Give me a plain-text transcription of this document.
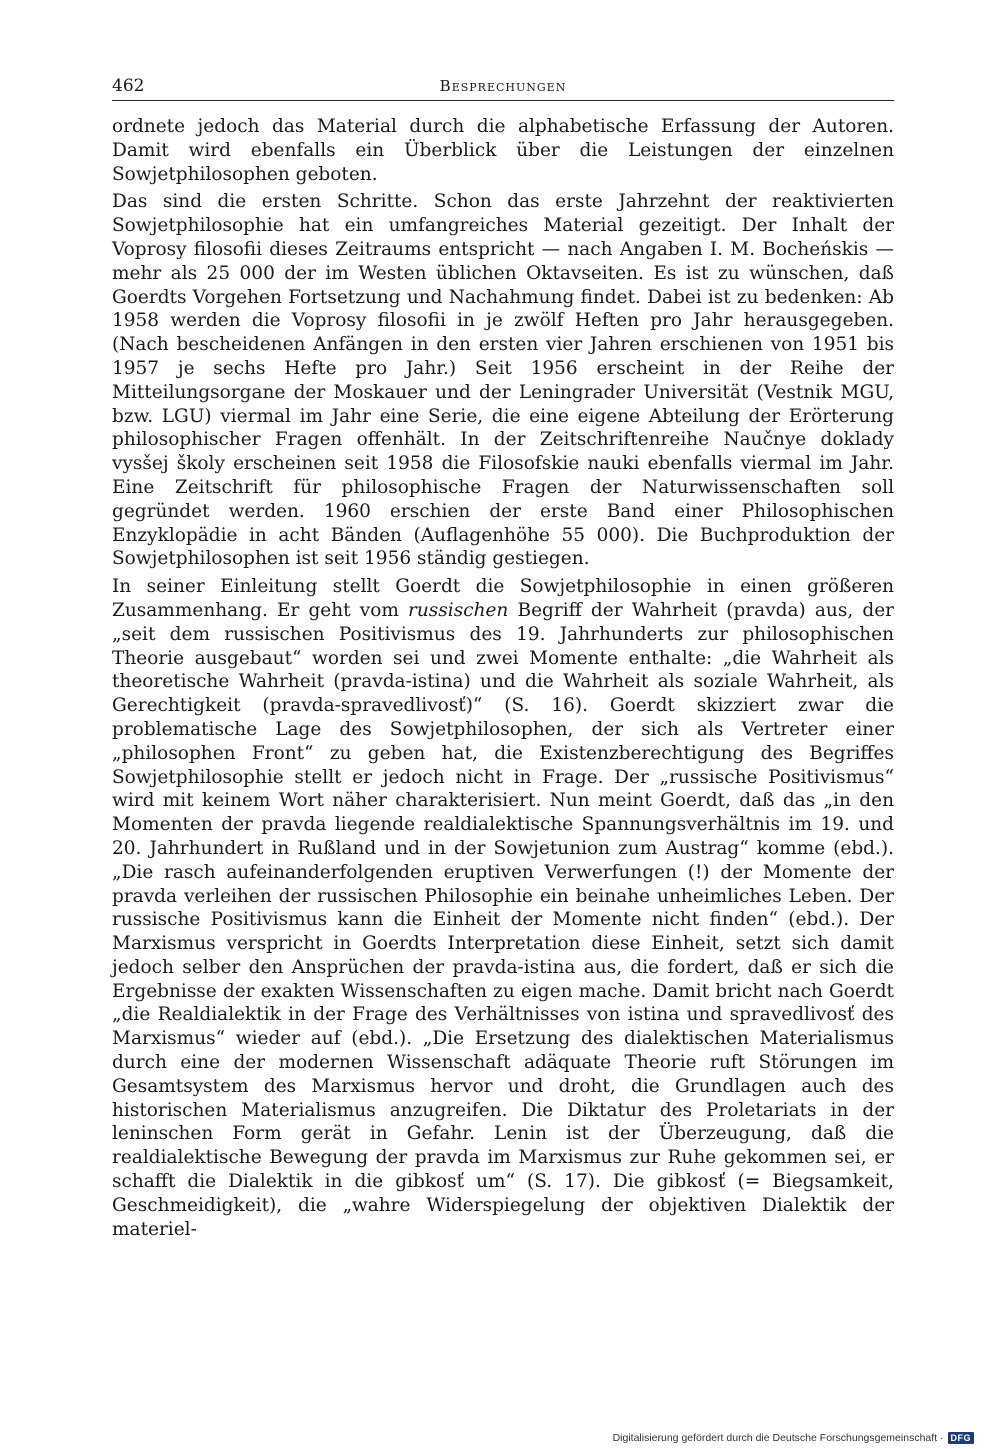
462	Besprechungen

ordnete jedoch das Material durch die alphabetische Erfassung der Autoren. Damit wird ebenfalls ein Überblick über die Leistungen der einzelnen Sowjetphilosophen geboten.

Das sind die ersten Schritte. Schon das erste Jahrzehnt der reaktivierten Sowjetphilosophie hat ein umfangreiches Material gezeitigt. Der Inhalt der Voprosy filosofii dieses Zeitraums entspricht — nach Angaben I. M. Bocheńskis — mehr als 25 000 der im Westen üblichen Oktavseiten. Es ist zu wünschen, daß Goerdts Vorgehen Fortsetzung und Nachahmung findet. Dabei ist zu bedenken: Ab 1958 werden die Voprosy filosofii in je zwölf Heften pro Jahr herausgegeben. (Nach bescheidenen Anfängen in den ersten vier Jahren erschienen von 1951 bis 1957 je sechs Hefte pro Jahr.) Seit 1956 erscheint in der Reihe der Mitteilungsorgane der Moskauer und der Leningrader Universität (Vestnik MGU, bzw. LGU) viermal im Jahr eine Serie, die eine eigene Abteilung der Erörterung philosophischer Fragen offenhält. In der Zeitschriftenreihe Naučnye doklady vysšej školy erscheinen seit 1958 die Filosofskie nauki ebenfalls viermal im Jahr. Eine Zeitschrift für philosophische Fragen der Naturwissenschaften soll gegründet werden. 1960 erschien der erste Band einer Philosophischen Enzyklopädie in acht Bänden (Auflagenhöhe 55 000). Die Buchproduktion der Sowjetphilosophen ist seit 1956 ständig gestiegen.

In seiner Einleitung stellt Goerdt die Sowjetphilosophie in einen größeren Zusammenhang. Er geht vom russischen Begriff der Wahrheit (pravda) aus, der „seit dem russischen Positivismus des 19. Jahrhunderts zur philosophischen Theorie ausgebaut“ worden sei und zwei Momente enthalte: „die Wahrheit als theoretische Wahrheit (pravda-istina) und die Wahrheit als soziale Wahrheit, als Gerechtigkeit (pravda-spravedlivosť)“ (S. 16). Goerdt skizziert zwar die problematische Lage des Sowjetphilosophen, der sich als Vertreter einer „philosophen Front“ zu geben hat, die Existenzberechtigung des Begriffes Sowjetphilosophie stellt er jedoch nicht in Frage. Der „russische Positivismus“ wird mit keinem Wort näher charakterisiert. Nun meint Goerdt, daß das „in den Momenten der pravda liegende realdialektische Spannungsverhältnis im 19. und 20. Jahrhundert in Rußland und in der Sowjetunion zum Austrag“ komme (ebd.). „Die rasch aufeinanderfolgenden eruptiven Verwerfungen (!) der Momente der pravda verleihen der russischen Philosophie ein beinahe unheimliches Leben. Der russische Positivismus kann die Einheit der Momente nicht finden“ (ebd.). Der Marxismus verspricht in Goerdts Interpretation diese Einheit, setzt sich damit jedoch selber den Ansprüchen der pravda-istina aus, die fordert, daß er sich die Ergebnisse der exakten Wissenschaften zu eigen mache. Damit bricht nach Goerdt „die Realdialektik in der Frage des Verhältnisses von istina und spravedlivosť des Marxismus“ wieder auf (ebd.). „Die Ersetzung des dialektischen Materialismus durch eine der modernen Wissenschaft adäquate Theorie ruft Störungen im Gesamtsystem des Marxismus hervor und droht, die Grundlagen auch des historischen Materialismus anzugreifen. Die Diktatur des Proletariats in der leninschen Form gerät in Gefahr. Lenin ist der Überzeugung, daß die realdialektische Bewegung der pravda im Marxismus zur Ruhe gekommen sei, er schafft die Dialektik in die gibkosť um“ (S. 17). Die gibkosť (= Biegsamkeit, Geschmeidigkeit), die „wahre Widerspiegelung der objektiven Dialektik der materiel-

Digitalisierung gefördert durch die Deutsche Forschungsgemeinschaft · DFG
